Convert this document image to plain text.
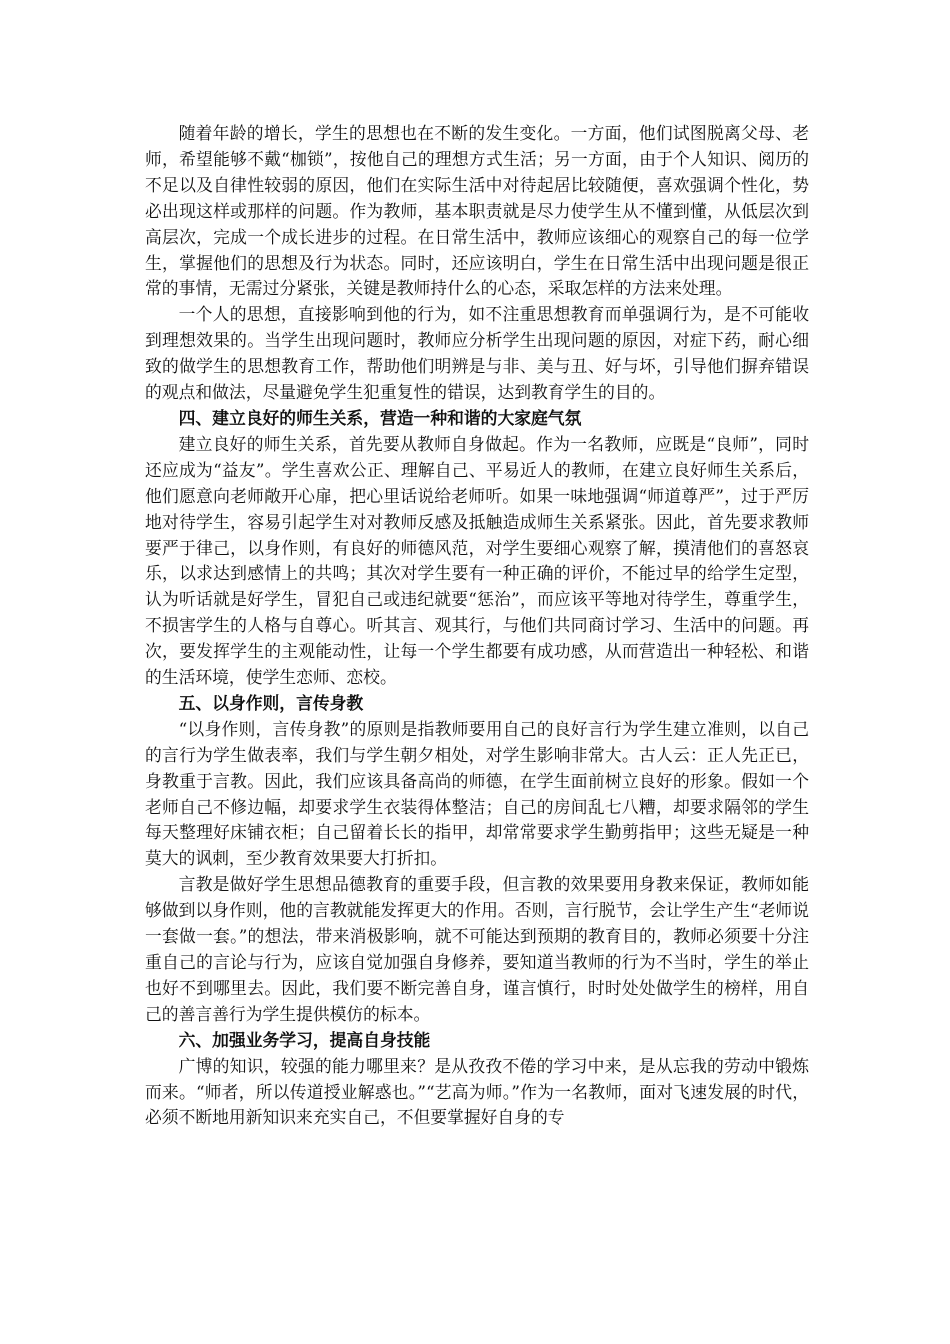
随着年龄的增长，学生的思想也在不断的发生变化。一方面，他们试图脱离父母、老师，希望能够不戴“枷锁”，按他自己的理想方式生活；另一方面，由于个人知识、阅历的不足以及自律性较弱的原因，他们在实际生活中对待起居比较随便，喜欢强调个性化，势必出现这样或那样的问题。作为教师，基本职责就是尽力使学生从不懂到懂，从低层次到高层次，完成一个成长进步的过程。在日常生活中，教师应该细心的观察自己的每一位学生，掌握他们的思想及行为状态。同时，还应该明白，学生在日常生活中出现问题是很正常的事情，无需过分紧张，关键是教师持什么的心态，采取怎样的方法来处理。

一个人的思想，直接影响到他的行为，如不注重思想教育而单强调行为，是不可能收到理想效果的。当学生出现问题时，教师应分析学生出现问题的原因，对症下药，耐心细致的做学生的思想教育工作，帮助他们明辨是与非、美与丑、好与坏，引导他们摒弃错误的观点和做法，尽量避免学生犯重复性的错误，达到教育学生的目的。

四、建立良好的师生关系，营造一种和谐的大家庭气氛

建立良好的师生关系，首先要从教师自身做起。作为一名教师，应既是“良师”，同时还应成为“益友”。学生喜欢公正、理解自己、平易近人的教师，在建立良好师生关系后，他们愿意向老师敞开心扉，把心里话说给老师听。如果一味地强调“师道尊严”，过于严厉地对待学生，容易引起学生对对教师反感及抵触造成师生关系紧张。因此，首先要求教师要严于律己，以身作则，有良好的师德风范，对学生要细心观察了解，摸清他们的喜怒哀乐，以求达到感情上的共鸣；其次对学生要有一种正确的评价，不能过早的给学生定型，认为听话就是好学生，冒犯自己或违纪就要“惩治”，而应该平等地对待学生，尊重学生，不损害学生的人格与自尊心。听其言、观其行，与他们共同商讨学习、生活中的问题。再次，要发挥学生的主观能动性，让每一个学生都要有成功感，从而营造出一种轻松、和谐的生活环境，使学生恋师、恋校。

五、以身作则，言传身教

“以身作则，言传身教”的原则是指教师要用自己的良好言行为学生建立准则，以自己的言行为学生做表率，我们与学生朝夕相处，对学生影响非常大。古人云：正人先正已，身教重于言教。因此，我们应该具备高尚的师德，在学生面前树立良好的形象。假如一个老师自己不修边幅，却要求学生衣装得体整洁；自己的房间乱七八糟，却要求隔邻的学生每天整理好床铺衣柜；自己留着长长的指甲，却常常要求学生勤剪指甲；这些无疑是一种莫大的讽刺，至少教育效果要大打折扣。

言教是做好学生思想品德教育的重要手段，但言教的效果要用身教来保证，教师如能够做到以身作则，他的言教就能发挥更大的作用。否则，言行脱节，会让学生产生“老师说一套做一套。”的想法，带来消极影响，就不可能达到预期的教育目的，教师必须要十分注重自己的言论与行为，应该自觉加强自身修养，要知道当教师的行为不当时，学生的举止也好不到哪里去。因此，我们要不断完善自身，谨言慎行，时时处处做学生的榜样，用自己的善言善行为学生提供模仿的标本。

六、加强业务学习，提高自身技能

广博的知识，较强的能力哪里来？是从孜孜不倦的学习中来，是从忘我的劳动中锻炼而来。“师者，所以传道授业解惑也。”“艺高为师。”作为一名教师，面对飞速发展的时代，必须不断地用新知识来充实自己，不但要掌握好自身的专
